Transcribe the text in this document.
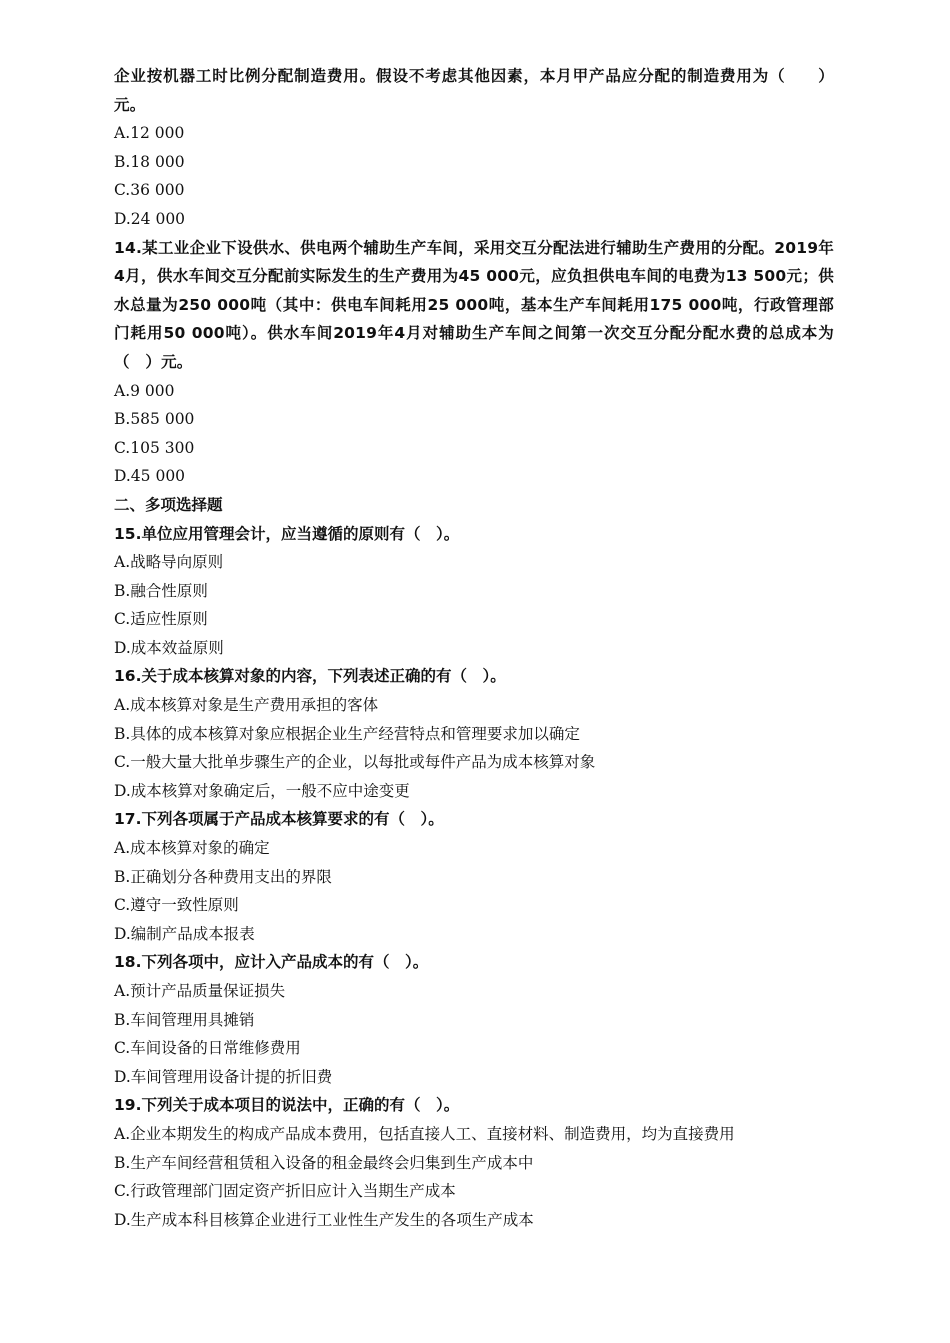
企业按机器工时比例分配制造费用。假设不考虑其他因素，本月甲产品应分配的制造费用为（　　）元。
A.12 000
B.18 000
C.36 000
D.24 000
14.某工业企业下设供水、供电两个辅助生产车间，采用交互分配法进行辅助生产费用的分配。2019年4月，供水车间交互分配前实际发生的生产费用为45 000元，应负担供电车间的电费为13 500元；供水总量为250 000吨（其中：供电车间耗用25 000吨，基本生产车间耗用175 000吨，行政管理部门耗用50 000吨）。供水车间2019年4月对辅助生产车间之间第一次交互分配分配水费的总成本为（　）元。
A.9 000
B.585 000
C.105 300
D.45 000
二、多项选择题
15.单位应用管理会计，应当遵循的原则有（　）。
A.战略导向原则
B.融合性原则
C.适应性原则
D.成本效益原则
16.关于成本核算对象的内容，下列表述正确的有（　）。
A.成本核算对象是生产费用承担的客体
B.具体的成本核算对象应根据企业生产经营特点和管理要求加以确定
C.一般大量大批单步骤生产的企业，以每批或每件产品为成本核算对象
D.成本核算对象确定后，一般不应中途变更
17.下列各项属于产品成本核算要求的有（　）。
A.成本核算对象的确定
B.正确划分各种费用支出的界限
C.遵守一致性原则
D.编制产品成本报表
18.下列各项中，应计入产品成本的有（　）。
A.预计产品质量保证损失
B.车间管理用具摊销
C.车间设备的日常维修费用
D.车间管理用设备计提的折旧费
19.下列关于成本项目的说法中，正确的有（　）。
A.企业本期发生的构成产品成本费用，包括直接人工、直接材料、制造费用，均为直接费用
B.生产车间经营租赁租入设备的租金最终会归集到生产成本中
C.行政管理部门固定资产折旧应计入当期生产成本
D.生产成本科目核算企业进行工业性生产发生的各项生产成本
